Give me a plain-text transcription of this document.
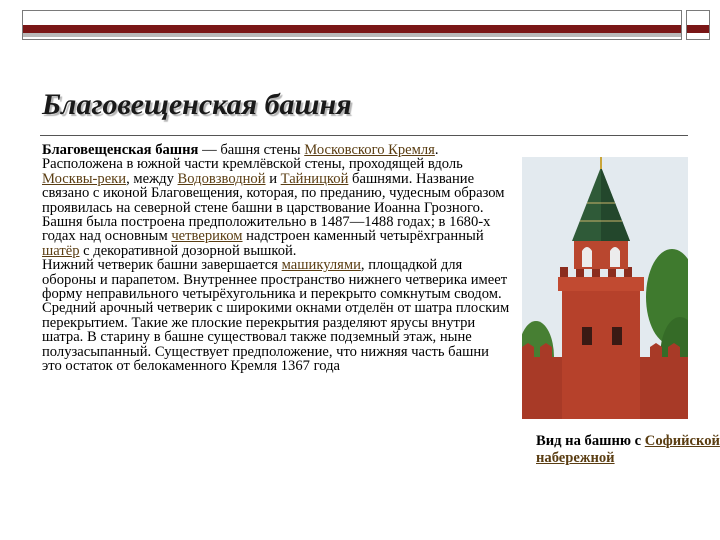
Благовещенская башня

Благовещенская башня — башня стены Московского Кремля. Расположена в южной части кремлёвской стены, проходящей вдоль Москвы-реки, между Водовзводной и Тайницкой башнями. Название связано с иконой Благовещения, которая, по преданию, чудесным образом проявилась на северной стене башни в царствование Иоанна Грозного.

Башня была построена предположительно в 1487—1488 годах; в 1680-х годах над основным четвериком надстроен каменный четырёхгранный шатёр с декоративной дозорной вышкой.

Нижний четверик башни завершается машикулями, площадкой для обороны и парапетом. Внутреннее пространство нижнего четверика имеет форму неправильного четырёхугольника и перекрыто сомкнутым сводом. Средний арочный четверик с широкими окнами отделён от шатра плоским перекрытием. Такие же плоские перекрытия разделяют ярусы внутри шатра. В старину в башне существовал также подземный этаж, ныне полузасыпанный. Существует предположение, что нижняя часть башни это остаток от белокаменного Кремля 1367 года

Вид на башню с Софийской набережной
